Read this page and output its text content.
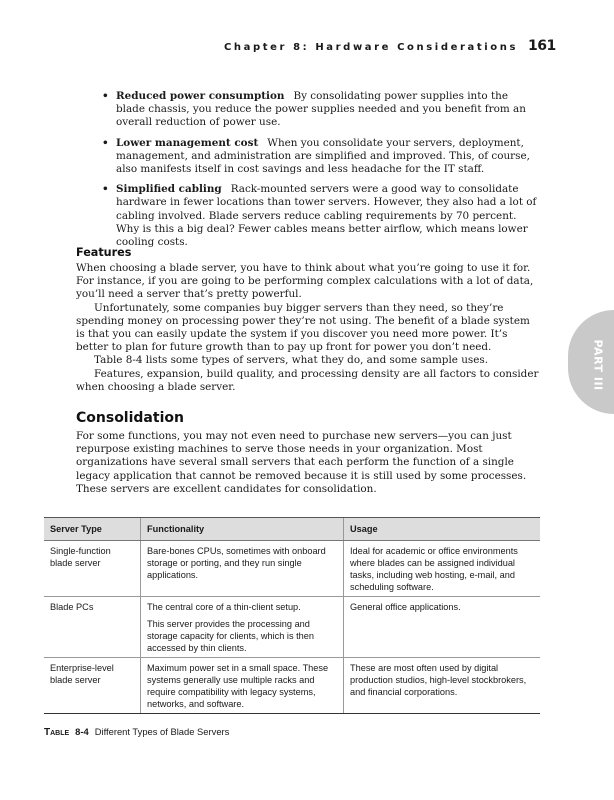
Chapter 8: Hardware Considerations 161
PART III
• Reduced power consumption By consolidating power supplies into the blade chassis, you reduce the power supplies needed and you benefit from an overall reduction of power use.
• Lower management cost When you consolidate your servers, deployment, management, and administration are simplified and improved. This, of course, also manifests itself in cost savings and less headache for the IT staff.
• Simplified cabling Rack-mounted servers were a good way to consolidate hardware in fewer locations than tower servers. However, they also had a lot of cabling involved. Blade servers reduce cabling requirements by 70 percent. Why is this a big deal? Fewer cables means better airflow, which means lower cooling costs.
Features

When choosing a blade server, you have to think about what you’re going to use it for. For instance, if you are going to be performing complex calculations with a lot of data, you’ll need a server that’s pretty powerful.

Unfortunately, some companies buy bigger servers than they need, so they’re spending money on processing power they’re not using. The benefit of a blade system is that you can easily update the system if you discover you need more power. It’s better to plan for future growth than to pay up front for power you don’t need.

Table 8-4 lists some types of servers, what they do, and some sample uses.

Features, expansion, build quality, and processing density are all factors to consider when choosing a blade server.

Consolidation

For some functions, you may not even need to purchase new servers—you can just repurpose existing machines to serve those needs in your organization. Most organizations have several small servers that each perform the function of a single legacy application that cannot be removed because it is still used by some processes. These servers are excellent candidates for consolidation.

Server Type	Functionality	Usage
Single-function blade server	Bare-bones CPUs, sometimes with onboard storage or porting, and they run single applications.	Ideal for academic or office environments where blades can be assigned individual tasks, including web hosting, e-mail, and scheduling software.
Blade PCs	The central core of a thin-client setup.
This server provides the processing and storage capacity for clients, which is then accessed by thin clients.	General office applications.
Enterprise-level blade server	Maximum power set in a small space. These systems generally use multiple racks and require compatibility with legacy systems, networks, and software.	These are most often used by digital production studios, high-level stockbrokers, and financial corporations.
Table 8-4 Different Types of Blade Servers
